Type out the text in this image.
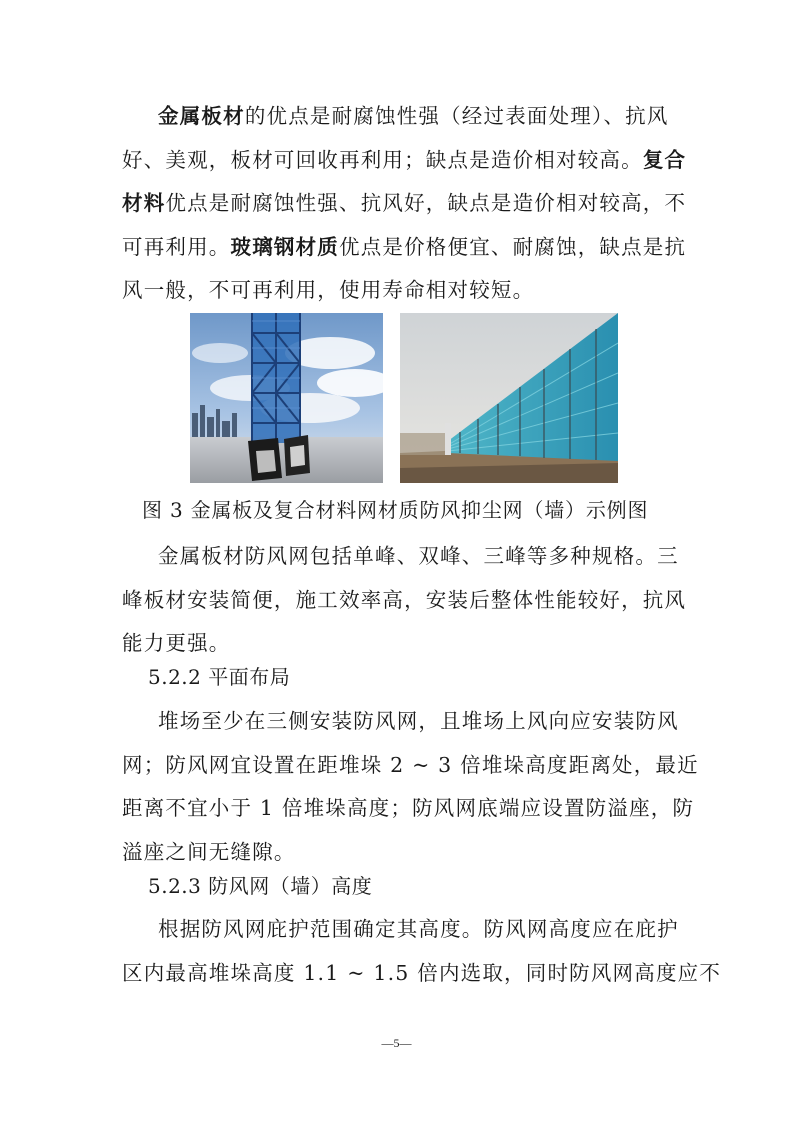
金属板材的优点是耐腐蚀性强（经过表面处理）、抗风
好、美观，板材可回收再利用；缺点是造价相对较高。复合
材料优点是耐腐蚀性强、抗风好，缺点是造价相对较高，不
可再利用。玻璃钢材质优点是价格便宜、耐腐蚀，缺点是抗
风一般，不可再利用，使用寿命相对较短。
图 3 金属板及复合材料网材质防风抑尘网（墙）示例图
金属板材防风网包括单峰、双峰、三峰等多种规格。三
峰板材安装简便，施工效率高，安装后整体性能较好，抗风
能力更强。
5.2.2 平面布局
堆场至少在三侧安装防风网，且堆场上风向应安装防风
网；防风网宜设置在距堆垛 2 ~ 3 倍堆垛高度距离处，最近
距离不宜小于 1 倍堆垛高度；防风网底端应设置防溢座，防
溢座之间无缝隙。
5.2.3 防风网（墙）高度
根据防风网庇护范围确定其高度。防风网高度应在庇护
区内最高堆垛高度 1.1 ~ 1.5 倍内选取，同时防风网高度应不
—5—
